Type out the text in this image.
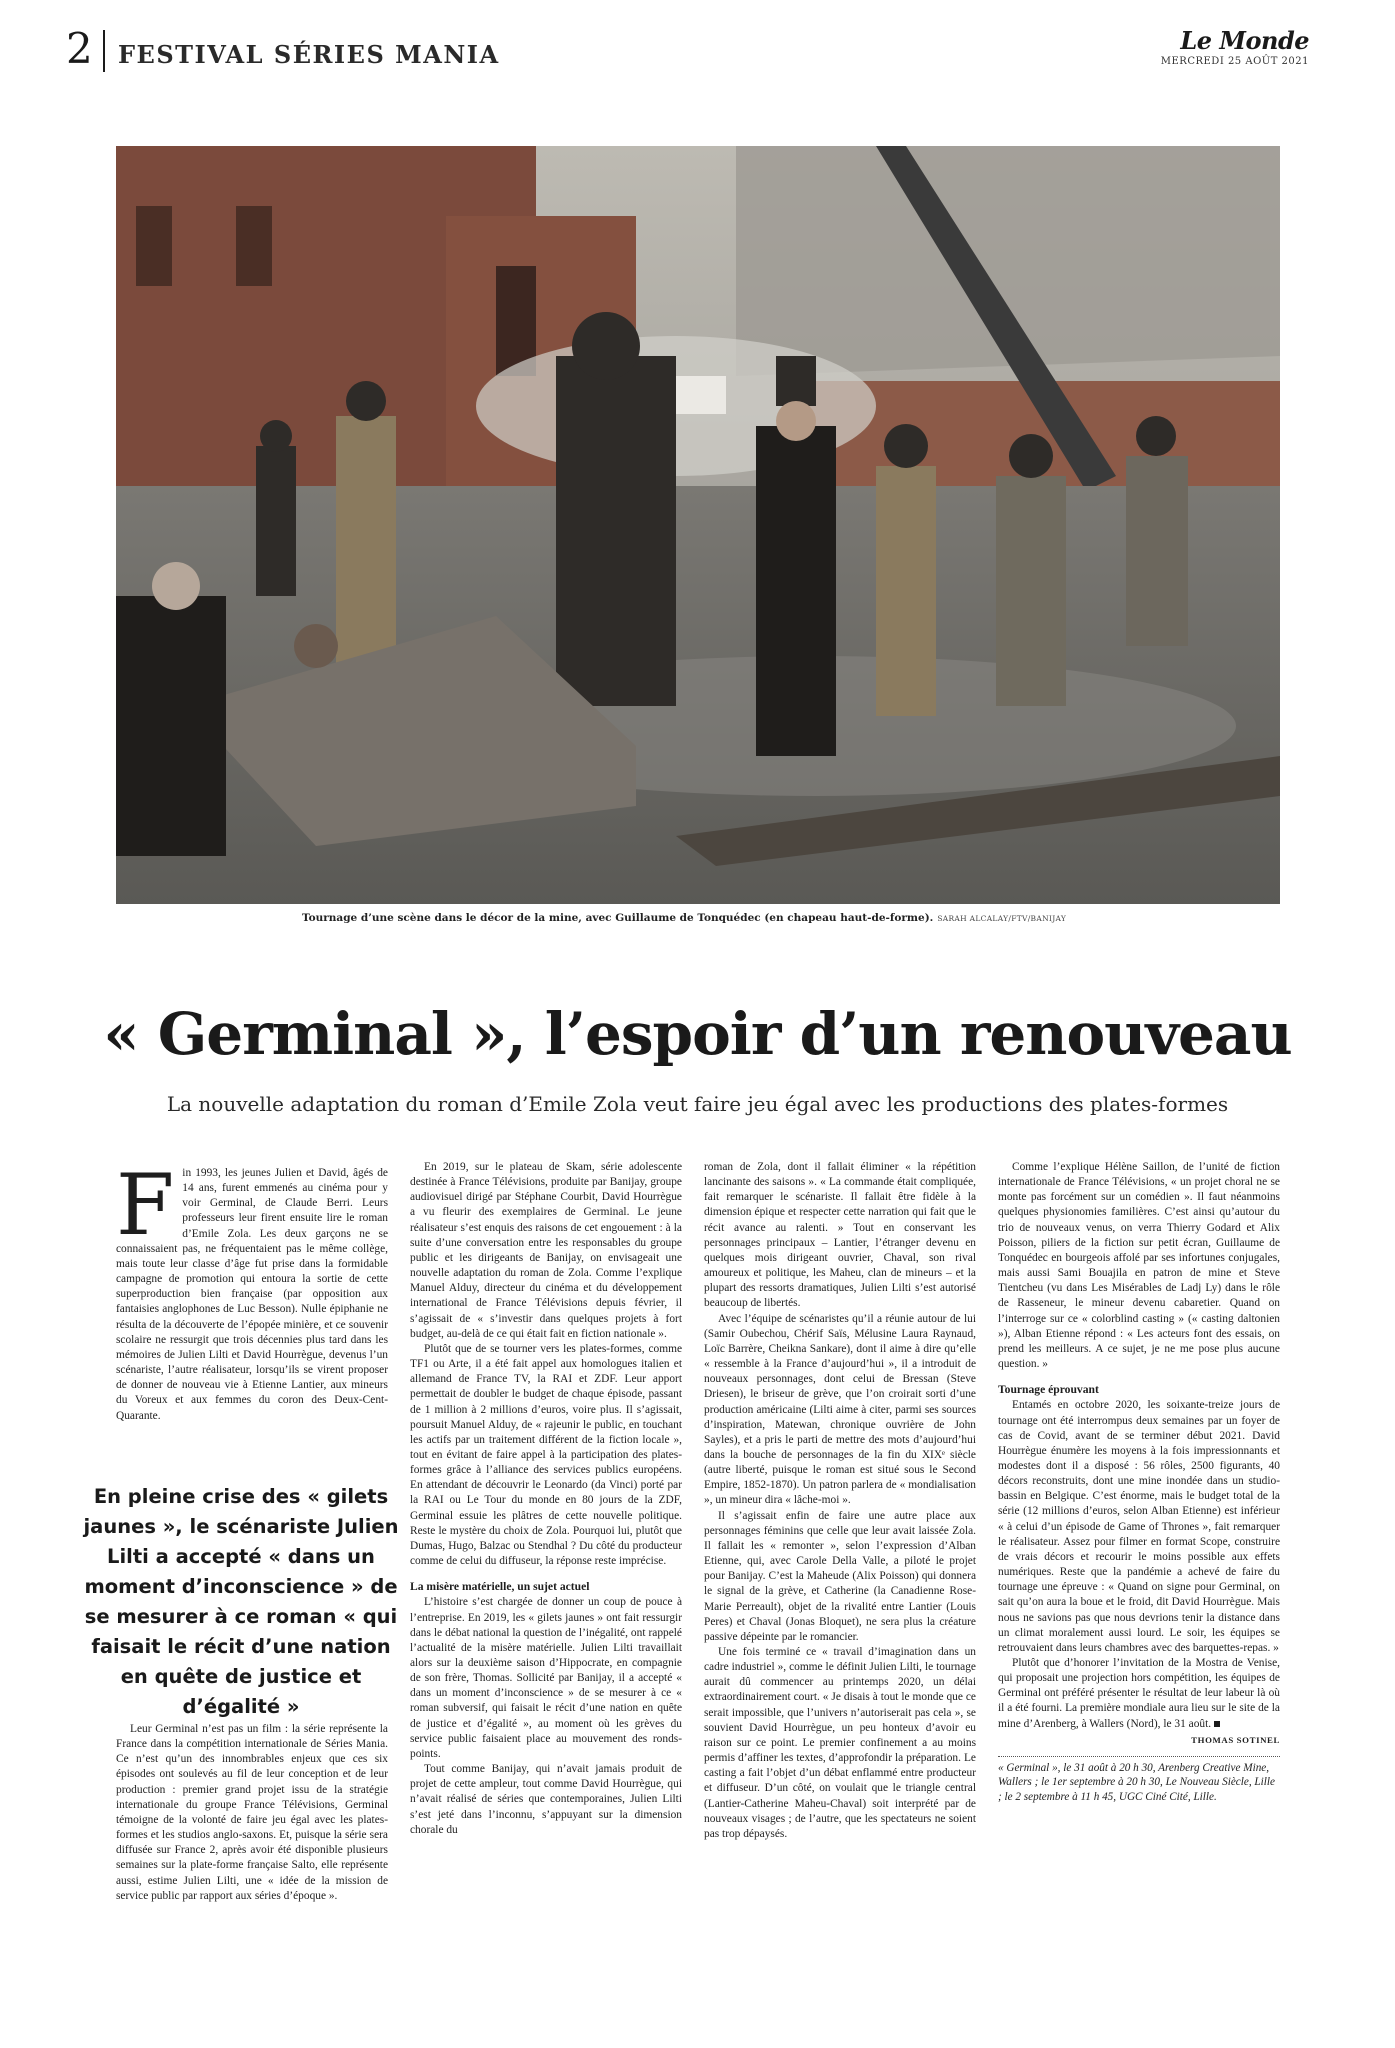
2 FESTIVAL SÉRIES MANIA	Le Monde
MERCREDI 25 AOÛT 2021
Tournage d’une scène dans le décor de la mine, avec Guillaume de Tonquédec (en chapeau haut-de-forme). SARAH ALCALAY/FTV/BANIJAY
« Germinal », l’espoir d’un renouveau
La nouvelle adaptation du roman d’Emile Zola veut faire jeu égal avec les productions des plates-formes
F in 1993, les jeunes Julien et David, âgés de 14 ans, furent emmenés au cinéma pour y voir Germinal, de Claude Berri. Leurs professeurs leur firent ensuite lire le roman d’Emile Zola. Les deux garçons ne se connaissaient pas, ne fréquentaient pas le même collège, mais toute leur classe d’âge fut prise dans la formidable campagne de promotion qui entoura la sortie de cette superproduction bien française (par opposition aux fantaisies anglophones de Luc Besson). Nulle épiphanie ne résulta de la découverte de l’épopée minière, et ce souvenir scolaire ne ressurgit que trois décennies plus tard dans les mémoires de Julien Lilti et David Hourrègue, devenus l’un scénariste, l’autre réalisateur, lorsqu’ils se virent proposer de donner de nouveau vie à Etienne Lantier, aux mineurs du Voreux et aux femmes du coron des Deux-Cent-Quarante.

En pleine crise des « gilets jaunes », le scénariste Julien Lilti a accepté « dans un moment d’inconscience » de se mesurer à ce roman « qui faisait le récit d’une nation en quête de justice et d’égalité »

Leur Germinal n’est pas un film : la série représente la France dans la compétition internationale de Séries Mania. Ce n’est qu’un des innombrables enjeux que ces six épisodes ont soulevés au fil de leur conception et de leur production : premier grand projet issu de la stratégie internationale du groupe France Télévisions, Germinal témoigne de la volonté de faire jeu égal avec les plates-formes et les studios anglo-saxons. Et, puisque la série sera diffusée sur France 2, après avoir été disponible plusieurs semaines sur la plate-forme française Salto, elle représente aussi, estime Julien Lilti, une « idée de la mission de service public par rapport aux séries d’époque ».

En 2019, sur le plateau de Skam, série adolescente destinée à France Télévisions, produite par Banijay, groupe audiovisuel dirigé par Stéphane Courbit, David Hourrègue a vu fleurir des exemplaires de Germinal. Le jeune réalisateur s’est enquis des raisons de cet engouement : à la suite d’une conversation entre les responsables du groupe public et les dirigeants de Banijay, on envisageait une nouvelle adaptation du roman de Zola. Comme l’explique Manuel Alduy, directeur du cinéma et du développement international de France Télévisions depuis février, il s’agissait de « s’investir dans quelques projets à fort budget, au-delà de ce qui était fait en fiction nationale ».

Plutôt que de se tourner vers les plates-formes, comme TF1 ou Arte, il a été fait appel aux homologues italien et allemand de France TV, la RAI et ZDF. Leur apport permettait de doubler le budget de chaque épisode, passant de 1 million à 2 millions d’euros, voire plus. Il s’agissait, poursuit Manuel Alduy, de « rajeunir le public, en touchant les actifs par un traitement différent de la fiction locale », tout en évitant de faire appel à la participation des plates-formes grâce à l’alliance des services publics européens. En attendant de découvrir le Leonardo (da Vinci) porté par la RAI ou Le Tour du monde en 80 jours de la ZDF, Germinal essuie les plâtres de cette nouvelle politique. Reste le mystère du choix de Zola. Pourquoi lui, plutôt que Dumas, Hugo, Balzac ou Stendhal ? Du côté du producteur comme de celui du diffuseur, la réponse reste imprécise.

La misère matérielle, un sujet actuel

L’histoire s’est chargée de donner un coup de pouce à l’entreprise. En 2019, les « gilets jaunes » ont fait ressurgir dans le débat national la question de l’inégalité, ont rappelé l’actualité de la misère matérielle. Julien Lilti travaillait alors sur la deuxième saison d’Hippocrate, en compagnie de son frère, Thomas. Sollicité par Banijay, il a accepté « dans un moment d’inconscience » de se mesurer à ce « roman subversif, qui faisait le récit d’une nation en quête de justice et d’égalité », au moment où les grèves du service public faisaient place au mouvement des ronds-points.

Tout comme Banijay, qui n’avait jamais produit de projet de cette ampleur, tout comme David Hourrègue, qui n’avait réalisé de séries que contemporaines, Julien Lilti s’est jeté dans l’inconnu, s’appuyant sur la dimension chorale du

roman de Zola, dont il fallait éliminer « la répétition lancinante des saisons ». « La commande était compliquée, fait remarquer le scénariste. Il fallait être fidèle à la dimension épique et respecter cette narration qui fait que le récit avance au ralenti. » Tout en conservant les personnages principaux – Lantier, l’étranger devenu en quelques mois dirigeant ouvrier, Chaval, son rival amoureux et politique, les Maheu, clan de mineurs – et la plupart des ressorts dramatiques, Julien Lilti s’est autorisé beaucoup de libertés.

Avec l’équipe de scénaristes qu’il a réunie autour de lui (Samir Oubechou, Chérif Saïs, Mélusine Laura Raynaud, Loïc Barrère, Cheikna Sankare), dont il aime à dire qu’elle « ressemble à la France d’aujourd’hui », il a introduit de nouveaux personnages, dont celui de Bressan (Steve Driesen), le briseur de grève, que l’on croirait sorti d’une production américaine (Lilti aime à citer, parmi ses sources d’inspiration, Matewan, chronique ouvrière de John Sayles), et a pris le parti de mettre des mots d’aujourd’hui dans la bouche de personnages de la fin du XIXᵉ siècle (autre liberté, puisque le roman est situé sous le Second Empire, 1852-1870). Un patron parlera de « mondialisation », un mineur dira « lâche-moi ».

Il s’agissait enfin de faire une autre place aux personnages féminins que celle que leur avait laissée Zola. Il fallait les « remonter », selon l’expression d’Alban Etienne, qui, avec Carole Della Valle, a piloté le projet pour Banijay. C’est la Maheude (Alix Poisson) qui donnera le signal de la grève, et Catherine (la Canadienne Rose-Marie Perreault), objet de la rivalité entre Lantier (Louis Peres) et Chaval (Jonas Bloquet), ne sera plus la créature passive dépeinte par le romancier.

Une fois terminé ce « travail d’imagination dans un cadre industriel », comme le définit Julien Lilti, le tournage aurait dû commencer au printemps 2020, un délai extraordinairement court. « Je disais à tout le monde que ce serait impossible, que l’univers n’autoriserait pas cela », se souvient David Hourrègue, un peu honteux d’avoir eu raison sur ce point. Le premier confinement a au moins permis d’affiner les textes, d’approfondir la préparation. Le casting a fait l’objet d’un débat enflammé entre producteur et diffuseur. D’un côté, on voulait que le triangle central (Lantier-Catherine Maheu-Chaval) soit interprété par de nouveaux visages ; de l’autre, que les spectateurs ne soient pas trop dépaysés.

Comme l’explique Hélène Saillon, de l’unité de fiction internationale de France Télévisions, « un projet choral ne se monte pas forcément sur un comédien ». Il faut néanmoins quelques physionomies familières. C’est ainsi qu’autour du trio de nouveaux venus, on verra Thierry Godard et Alix Poisson, piliers de la fiction sur petit écran, Guillaume de Tonquédec en bourgeois affolé par ses infortunes conjugales, mais aussi Sami Bouajila en patron de mine et Steve Tientcheu (vu dans Les Misérables de Ladj Ly) dans le rôle de Rasseneur, le mineur devenu cabaretier. Quand on l’interroge sur ce « colorblind casting » (« casting daltonien »), Alban Etienne répond : « Les acteurs font des essais, on prend les meilleurs. A ce sujet, je ne me pose plus aucune question. »

Tournage éprouvant

Entamés en octobre 2020, les soixante-treize jours de tournage ont été interrompus deux semaines par un foyer de cas de Covid, avant de se terminer début 2021. David Hourrègue énumère les moyens à la fois impressionnants et modestes dont il a disposé : 56 rôles, 2500 figurants, 40 décors reconstruits, dont une mine inondée dans un studio-bassin en Belgique. C’est énorme, mais le budget total de la série (12 millions d’euros, selon Alban Etienne) est inférieur « à celui d’un épisode de Game of Thrones », fait remarquer le réalisateur. Assez pour filmer en format Scope, construire de vrais décors et recourir le moins possible aux effets numériques. Reste que la pandémie a achevé de faire du tournage une épreuve : « Quand on signe pour Germinal, on sait qu’on aura la boue et le froid, dit David Hourrègue. Mais nous ne savions pas que nous devrions tenir la distance dans un climat moralement aussi lourd. Le soir, les équipes se retrouvaient dans leurs chambres avec des barquettes-repas. »

Plutôt que d’honorer l’invitation de la Mostra de Venise, qui proposait une projection hors compétition, les équipes de Germinal ont préféré présenter le résultat de leur labeur là où il a été fourni. La première mondiale aura lieu sur le site de la mine d’Arenberg, à Wallers (Nord), le 31 août.

THOMAS SOTINEL

« Germinal », le 31 août à 20 h 30, Arenberg Creative Mine, Wallers ; le 1er septembre à 20 h 30, Le Nouveau Siècle, Lille ; le 2 septembre à 11 h 45, UGC Ciné Cité, Lille.
